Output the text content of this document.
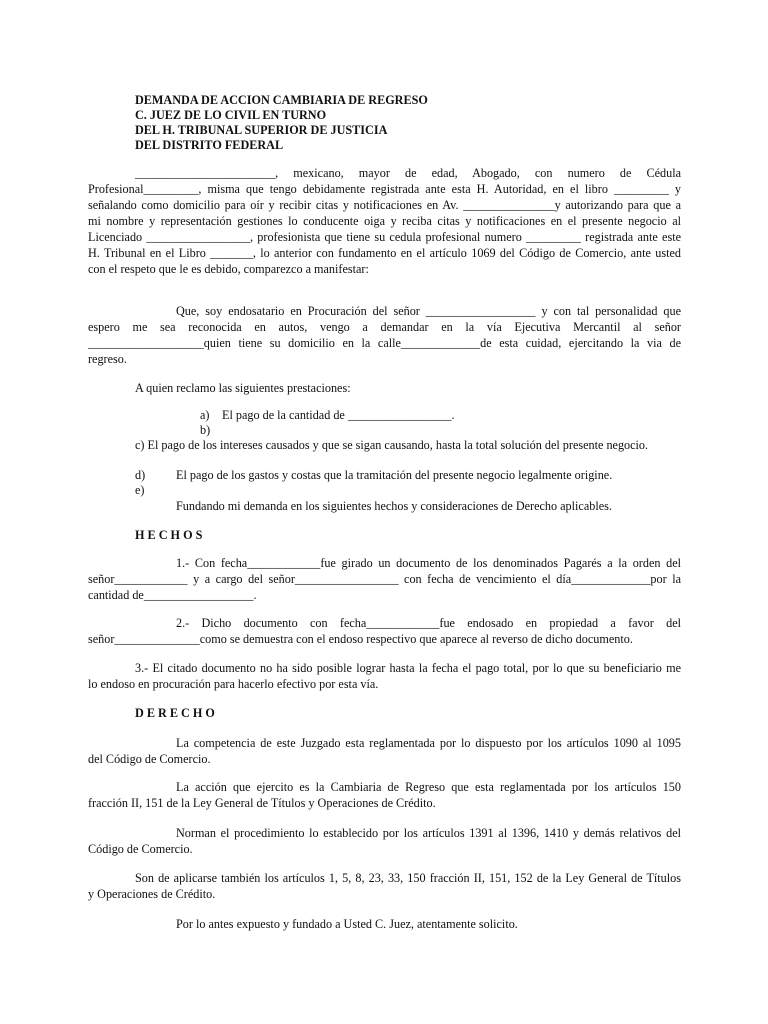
DEMANDA DE ACCION CAMBIARIA DE REGRESO
C. JUEZ DE LO CIVIL EN TURNO
DEL H. TRIBUNAL SUPERIOR DE JUSTICIA
DEL DISTRITO FEDERAL
_______________________, mexicano, mayor de edad, Abogado, con numero de Cédula
Profesional_________, misma que tengo debidamente registrada ante esta H. Autoridad, en el libro _________ y
señalando como domicilio para oír y recibir citas y notificaciones en Av. _______________y autorizando para que a
mi nombre y representación gestiones lo conducente oiga y reciba citas y notificaciones en el presente negocio al
Licenciado _________________, profesionista que tiene su cedula profesional numero _________ registrada ante este
H. Tribunal en el Libro _______, lo anterior con fundamento en el artículo 1069 del Código de Comercio, ante usted
con el respeto que le es debido, comparezco a manifestar:
Que, soy endosatario en Procuración del señor __________________ y con tal personalidad que
espero me sea reconocida en autos, vengo a demandar en la vía Ejecutiva Mercantil al señor
___________________quien tiene su domicilio en la calle_____________de esta cuidad, ejercitando la via de
regreso.
A quien reclamo las siguientes prestaciones:
a) El pago de la cantidad de _________________.
b)
c) El pago de los intereses causados y que se sigan causando, hasta la total solución del presente negocio.
d)	El pago de los gastos y costas que la tramitación del presente negocio legalmente origine.
e)
Fundando mi demanda en los siguientes hechos y consideraciones de Derecho aplicables.
H E C H O S
1.- Con fecha____________fue girado un documento de los denominados Pagarés a la orden del
señor____________ y a cargo del señor_________________ con fecha de vencimiento el día_____________por la
cantidad de__________________.
2.- Dicho documento con fecha____________fue endosado en propiedad a favor del
señor______________como se demuestra con el endoso respectivo que aparece al reverso de dicho documento.
3.- El citado documento no ha sido posible lograr hasta la fecha el pago total, por lo que su beneficiario me
lo endoso en procuración para hacerlo efectivo por esta vía.
D E R E C H O
La competencia de este Juzgado esta reglamentada por lo dispuesto por los artículos 1090 al 1095
del Código de Comercio.
La acción que ejercito es la Cambiaria de Regreso que esta reglamentada por los artículos 150
fracción II, 151 de la Ley General de Títulos y Operaciones de Crédito.
Norman el procedimiento lo establecido por los artículos 1391 al 1396, 1410 y demás relativos del
Código de Comercio.
Son de aplicarse también los artículos 1, 5, 8, 23, 33, 150 fracción II, 151, 152 de la Ley General de Títulos
y Operaciones de Crédito.
Por lo antes expuesto y fundado a Usted C. Juez, atentamente solicito.
